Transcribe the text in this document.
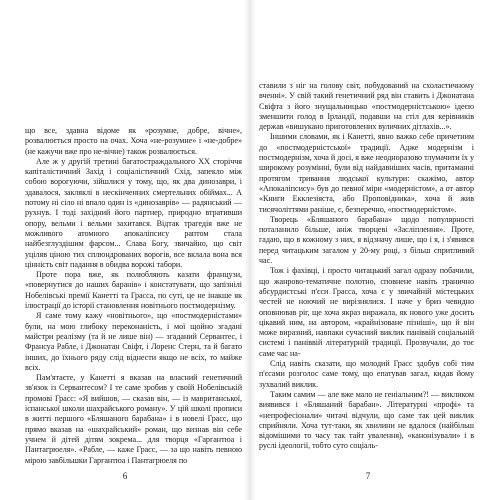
що все, здавна відоме як «розумне, добре, вічне», розвалюється просто на очах. Хоча «не-розумне» і «не-добре» (не кажучи вже про не-вічне) також розвалюється.

Але ж у другій третині багатостраждального ХХ сторіччя капіталістичний Захід і соціалістичний Схід, запекло між собою ворогуючи, зійшлися у тому, що, як два динозаври, і здавалося, закляклі в нескінченних смертельних обіймах... А потому ні сіло ні впало один із «динозаврів» — радянський — рухнув. І тоді західний його партнер, природно втративши опору, вельми і вельми захитався. Відтак трагедія вже не можливого атомного апокаліпсису раптом стала найбезглуздішим фарсом... Слава Богу, звичайно, що світ уціляв ціною тих сплюндрованих ворогів, все вклала вона вся цінність світ падання в обидва ворожі табори.

Проте пора вже, як полюбляють казати французи, «повернутися до наших баранів» і констатувати, що запізнілі Нобелівські премії Канетті та Грасса, по суті, це не інакше як ілюстрації до історії становлення новітнього постмодернізму.

Я саме тому кажу «новітнього», що «постмодерністами» були, на мою глибоку переконаність, і мої щойно згадані майстри реалізму (та й не лише він) — згаданий Сервантес, і Франсуа Рабле, і Джонатан Свіфт, і Лоренс Стерн, та й багато інших, до їхнього ряду слід віднести якщо не всіх, то майже всіх.

Пам'ятаєте, у Канетті я вказав на власний генетичний зв'язок із Сервантесом? І те саме зробив у своїй Нобелівській промові Грасс: «Я вийшов, — сказав він, — із мавританської, іспанської школи шахрайського роману». У цій школі прописи в житті першого «Бляшаного барабана» і в новелі Грасс, що прямо вказав на «шахрайський» роман, що визнав він себе учнем й дітей дітям зокрема... для творця «Гаргантюа і Пантагрюеля». «Рабле, — каже Грасс, — за що навіть певною мірою завбільшки Гаргантюа і Пантагрюеля по

6

ставили з ніг на голову світ, побудований на схоластичному вченні». У свій такий генетичний ряд він ставить і Джонатана Свіфта з його знущальницько «постмодерністською» ідеєю зменшити голод в Ірландії, подавши на стіл для керівників держав «вишукано приготовлених вуличних дітлахів...».

Іншими словами, як і Канетті, явно важко себе причетним до «постмодерністської» традиції. Адже модернізм і постмодернізм, хоча й досі, я вже неодноразово тлумачити їх у широкому розумінні, були від найдавніших часів, притаманні протягом тривання людської культури: скажімо, автор «Апокаліпсису» був до певної міри «модерністом», а от автор «Книги Екклезіяста, або Проповідника», хоча й жив тисячоліттями раніше, є, безперечно, «постмодерністом».

Творець «Бляшаного барабана» щодо популярності поталанило більше, аніж творцеві «Засліплення». Проте, гадаю, що в кожному з них, я відзначу лише, що і я, і з'явився перед читацьким загалом у 20-му році, з більш спритливий час.

Тож і фахівці, і просто читацький загал одразу побачили, що жанрово-тематичне полотно, сповнене навіть гранично абсурдистські п'єси Грасса, хоча є у звичайній містецьких честей не ноючий не вирізнялися. І наче у бриз чевидно оповнював ріг, ще хоча якраз виражала, як нового уже досить цікавий ним, на автором, «крайнізоване пізніші», що й він може виразний, навпаки сучасний виклик паніввій соціальній системі і паніввій літературній традиції. Прозвучали, до тоє саме час на-

Слід навіть сказати, що молодий Грасс здобув собі тим п'єсами розголос саме тому, що епатував загал, кидав йому зухвалий виклик.

Таким самим — але вже мало не геніальним?! — викликом виявився і «Бляшаний барабан». Літературні «профі» та «непрофесіонали» читачі відчули, що саме так цей виклик сприйняли. Хоча тут-таки, як хвилини не вдалося (найбільш відомішими то часу так тайт увалення), «канонізували» і в руслі ідеології, тобто суто соціаль-

7
